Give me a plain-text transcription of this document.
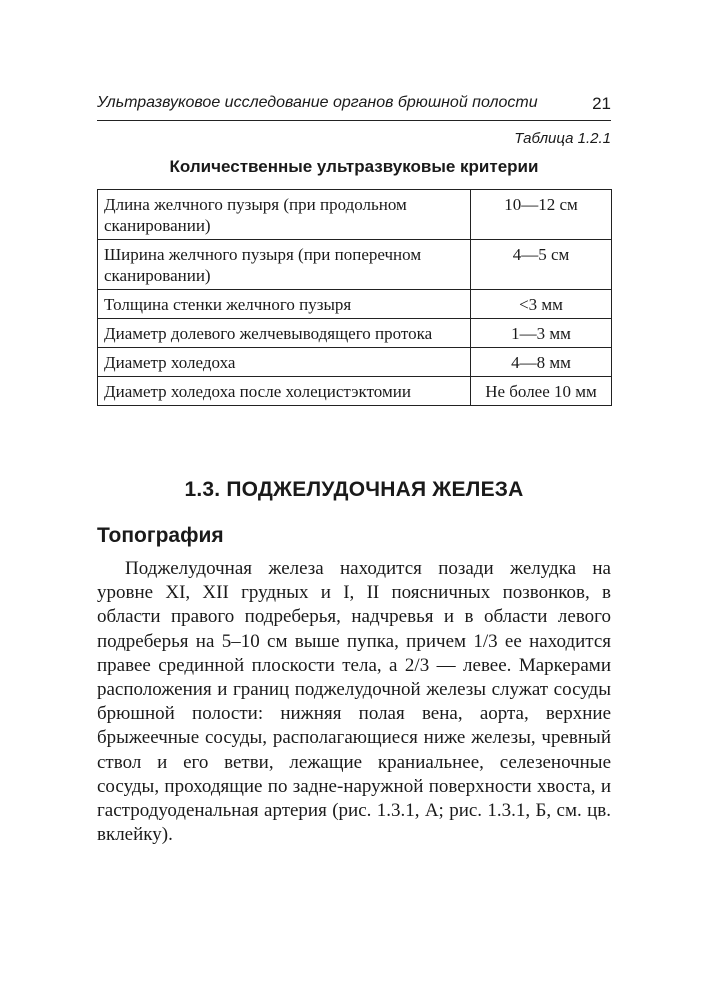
Ультразвуковое исследование органов брюшной полости	21
Таблица 1.2.1
Количественные ультразвуковые критерии
Длина желчного пузыря (при продольном сканировании)	10—12 см
Ширина желчного пузыря (при поперечном сканировании)	4—5 см
Толщина стенки желчного пузыря	<3 мм
Диаметр долевого желчевыводящего протока	1—3 мм
Диаметр холедоха	4—8 мм
Диаметр холедоха после холецистэктомии	Не более 10 мм
1.3. ПОДЖЕЛУДОЧНАЯ ЖЕЛЕЗА
Топография

Поджелудочная железа находится позади желудка на уровне XI, XII грудных и I, II поясничных позвонков, в области правого подреберья, надчревья и в области левого подреберья на 5–10 см выше пупка, причем 1/3 ее находится правее срединной плоскости тела, а 2/3 — левее. Маркерами расположения и границ поджелудочной железы служат сосуды брюшной полости: нижняя полая вена, аорта, верхние брыжеечные сосуды, располагающиеся ниже железы, чревный ствол и его ветви, лежащие краниальнее, селезеночные сосуды, проходящие по задне-наружной поверхности хвоста, и гастродуоденальная артерия (рис. 1.3.1, А; рис. 1.3.1, Б, см. цв. вклейку).
